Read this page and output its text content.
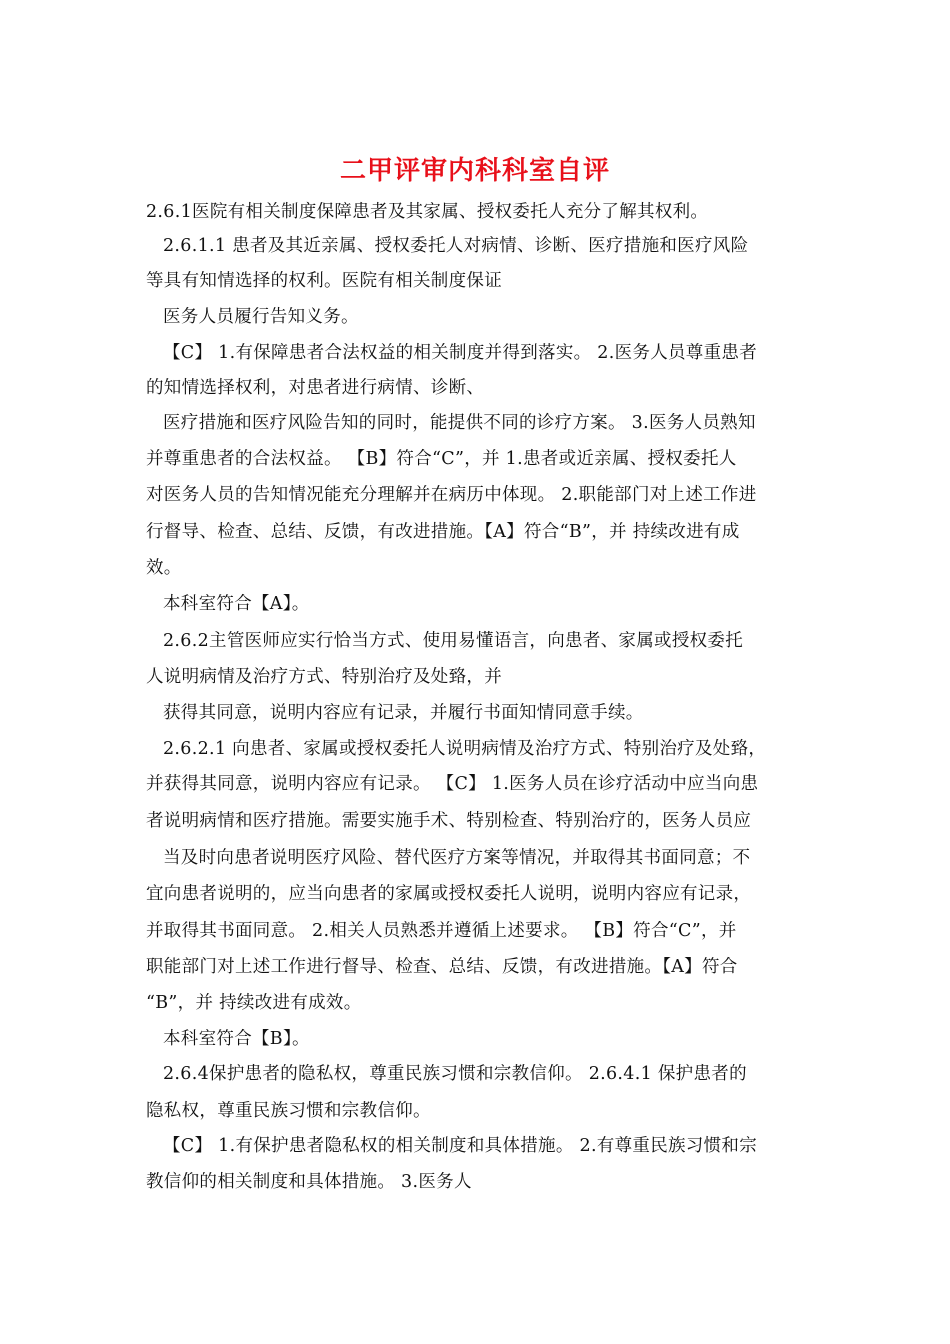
二甲评审内科科室自评
2.6.1医院有相关制度保障患者及其家属、授权委托人充分了解其权利。
2.6.1.1 患者及其近亲属、授权委托人对病情、诊断、医疗措施和医疗风险
等具有知情选择的权利。医院有相关制度保证
医务人员履行告知义务。
【C】 1.有保障患者合法权益的相关制度并得到落实。 2.医务人员尊重患者
的知情选择权利，对患者进行病情、诊断、
医疗措施和医疗风险告知的同时，能提供不同的诊疗方案。 3.医务人员熟知
并尊重患者的合法权益。 【B】符合“C”，并 1.患者或近亲属、授权委托人
对医务人员的告知情况能充分理解并在病历中体现。 2.职能部门对上述工作进
行督导、检查、总结、反馈，有改进措施。【A】符合“B”，并 持续改进有成
效。
本科室符合【A】。
2.6.2主管医师应实行恰当方式、使用易懂语言，向患者、家属或授权委托
人说明病情及治疗方式、特别治疗及处臵，并
获得其同意，说明内容应有记录，并履行书面知情同意手续。
2.6.2.1 向患者、家属或授权委托人说明病情及治疗方式、特别治疗及处臵，
并获得其同意，说明内容应有记录。 【C】 1.医务人员在诊疗活动中应当向患
者说明病情和医疗措施。需要实施手术、特别检查、特别治疗的，医务人员应
当及时向患者说明医疗风险、替代医疗方案等情况，并取得其书面同意；不
宜向患者说明的，应当向患者的家属或授权委托人说明，说明内容应有记录，
并取得其书面同意。 2.相关人员熟悉并遵循上述要求。 【B】符合“C”，并
职能部门对上述工作进行督导、检查、总结、反馈，有改进措施。【A】符合
“B”，并 持续改进有成效。
本科室符合【B】。
2.6.4保护患者的隐私权，尊重民族习惯和宗教信仰。 2.6.4.1 保护患者的
隐私权，尊重民族习惯和宗教信仰。
【C】 1.有保护患者隐私权的相关制度和具体措施。 2.有尊重民族习惯和宗
教信仰的相关制度和具体措施。 3.医务人
